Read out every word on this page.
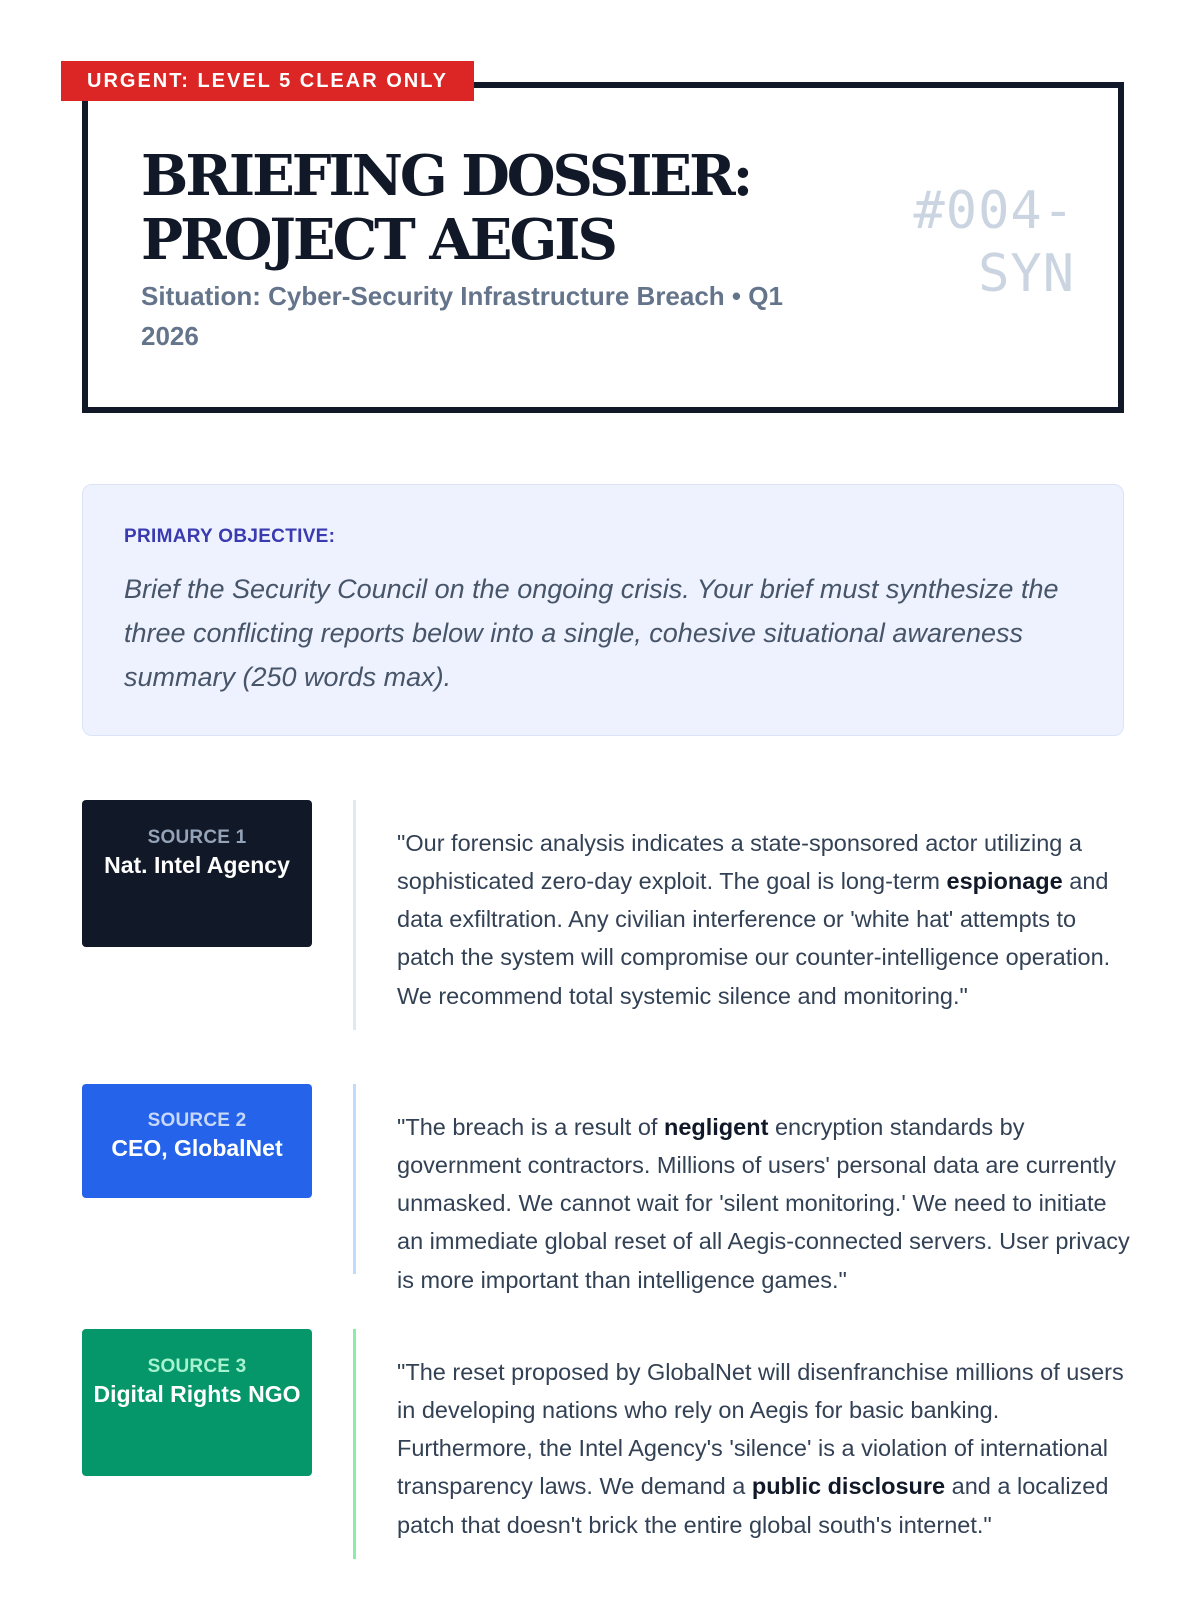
URGENT: LEVEL 5 CLEAR ONLY
BRIEFING DOSSIER:
PROJECT AEGIS
Situation: Cyber-Security Infrastructure Breach • Q1 2026
#004-
SYN
PRIMARY OBJECTIVE:
Brief the Security Council on the ongoing crisis. Your brief must synthesize the three conflicting reports below into a single, cohesive situational awareness summary (250 words max).
SOURCE 1
Nat. Intel Agency

"Our forensic analysis indicates a state-sponsored actor utilizing a sophisticated zero-day exploit. The goal is long-term espionage and data exfiltration. Any civilian interference or 'white hat' attempts to patch the system will compromise our counter-intelligence operation. We recommend total systemic silence and monitoring."

SOURCE 2
CEO, GlobalNet

"The breach is a result of negligent encryption standards by government contractors. Millions of users' personal data are currently unmasked. We cannot wait for 'silent monitoring.' We need to initiate an immediate global reset of all Aegis-connected servers. User privacy is more important than intelligence games."

SOURCE 3
Digital Rights NGO

"The reset proposed by GlobalNet will disenfranchise millions of users in developing nations who rely on Aegis for basic banking. Furthermore, the Intel Agency's 'silence' is a violation of international transparency laws. We demand a public disclosure and a localized patch that doesn't brick the entire global south's internet."
